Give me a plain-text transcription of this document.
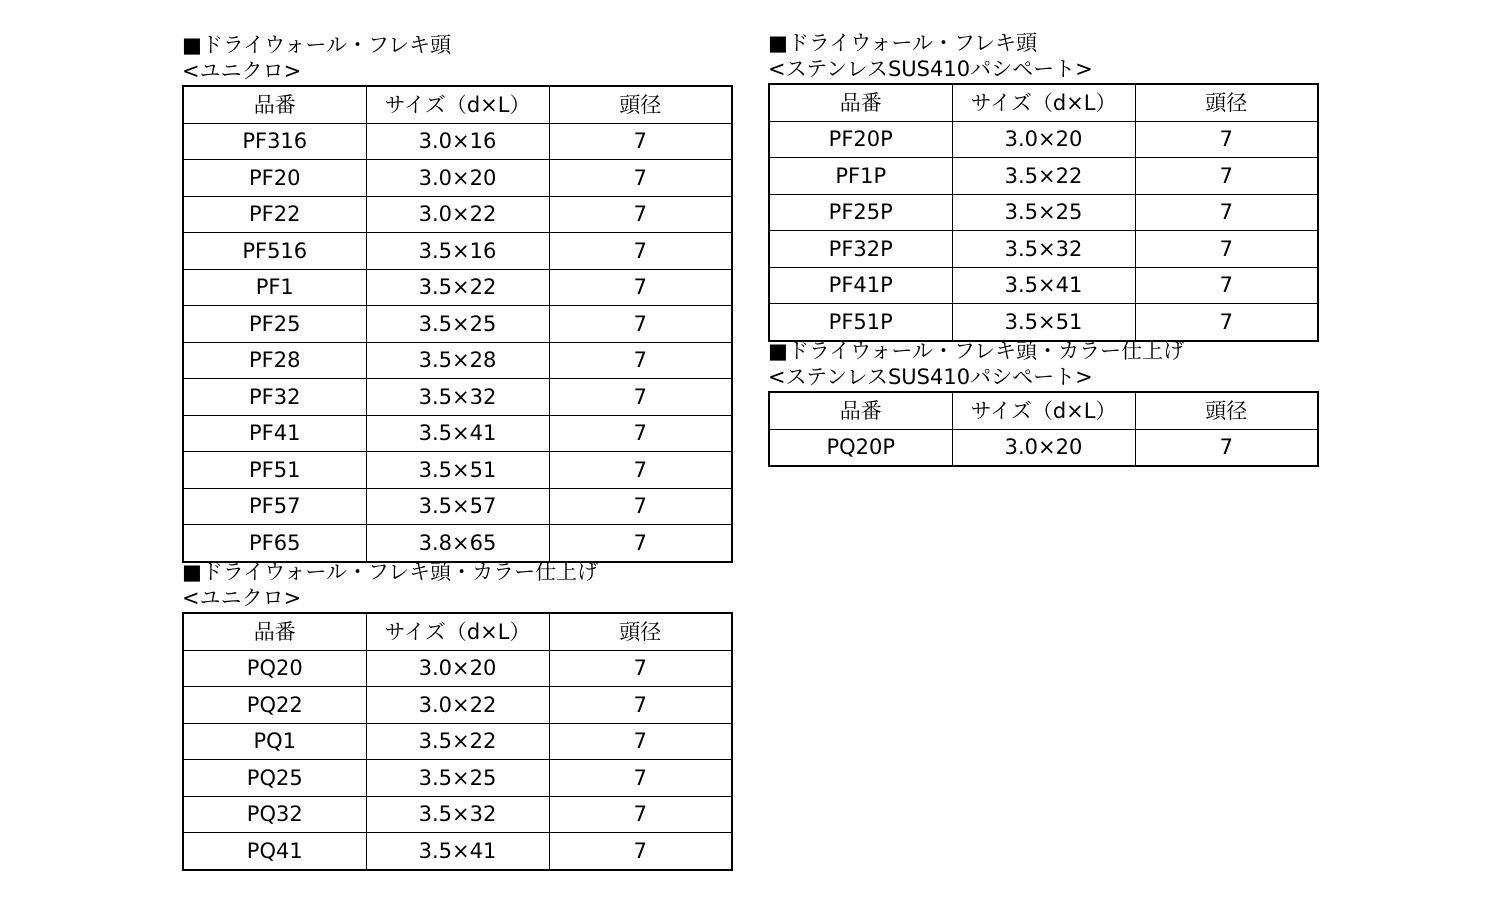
■ドライウォール・フレキ頭
<ユニクロ>
品番	サイズ（d×L）	頭径
PF316	3.0×16	7
PF20	3.0×20	7
PF22	3.0×22	7
PF516	3.5×16	7
PF1	3.5×22	7
PF25	3.5×25	7
PF28	3.5×28	7
PF32	3.5×32	7
PF41	3.5×41	7
PF51	3.5×51	7
PF57	3.5×57	7
PF65	3.8×65	7
■ドライウォール・フレキ頭・カラー仕上げ
<ユニクロ>
品番	サイズ（d×L）	頭径
PQ20	3.0×20	7
PQ22	3.0×22	7
PQ1	3.5×22	7
PQ25	3.5×25	7
PQ32	3.5×32	7
PQ41	3.5×41	7
■ドライウォール・フレキ頭
<ステンレスSUS410パシペート>
品番	サイズ（d×L）	頭径
PF20P	3.0×20	7
PF1P	3.5×22	7
PF25P	3.5×25	7
PF32P	3.5×32	7
PF41P	3.5×41	7
PF51P	3.5×51	7
■ドライウォール・フレキ頭・カラー仕上げ
<ステンレスSUS410パシペート>
品番	サイズ（d×L）	頭径
PQ20P	3.0×20	7
